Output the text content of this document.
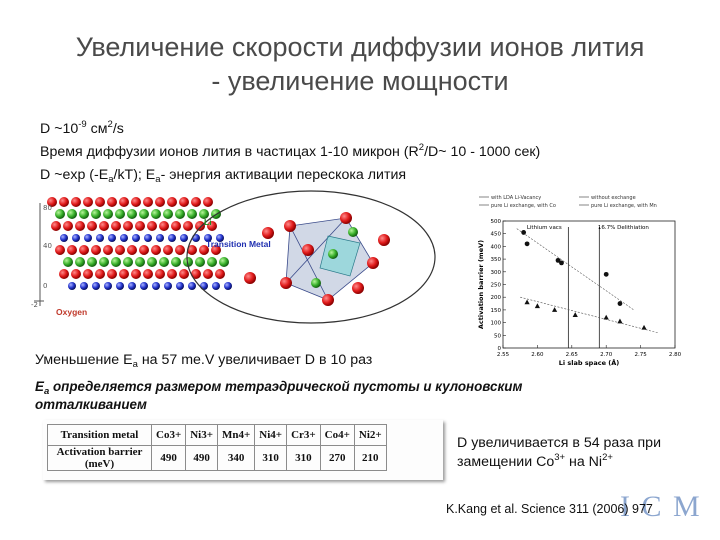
Увеличение скорости диффузии ионов лития
- увеличение мощности
D $\sim 10^{-9}$ $см^2/s$
Время диффузии ионов лития в частицах 1-10 микрон ($R^2/D\sim$ 10 - 1000 сек)
D ~exp $(-E_a/kT)$; $E_a-$ энергия активации перескока лития
80
40
0
-2
Li
Transition Metal
Oxygen
with LDA Li-Vacancy	without exchange
pure Li exchange, with Co	pure Li exchange, with Mn
0
50
100
150
200
250
300
350
400
450
500
2.55	2.60	2.65	2.70	2.75	2.80
Lithium vacs	16.7% Delithiation
Activation barrier (meV)
Li slab space (Å)
Уменьшение $E_a$ на 57 me.V увеличивает D в 10 раз
$E_a$ определяется размером тетраэдрической пустоты и кулоновским
отталкиванием
Transition metal	Co3+	Ni3+	Mn4+	Ni4+	Cr3+	Co4+	Ni2+
Activation barrier (meV)	490	490	340	310	310	270	210
D увеличивается в 54 раза при
замещении $Co^{3+}$ на $Ni^{2+}$
I C M
K.Kang et al. Science 311 (2006) 977
